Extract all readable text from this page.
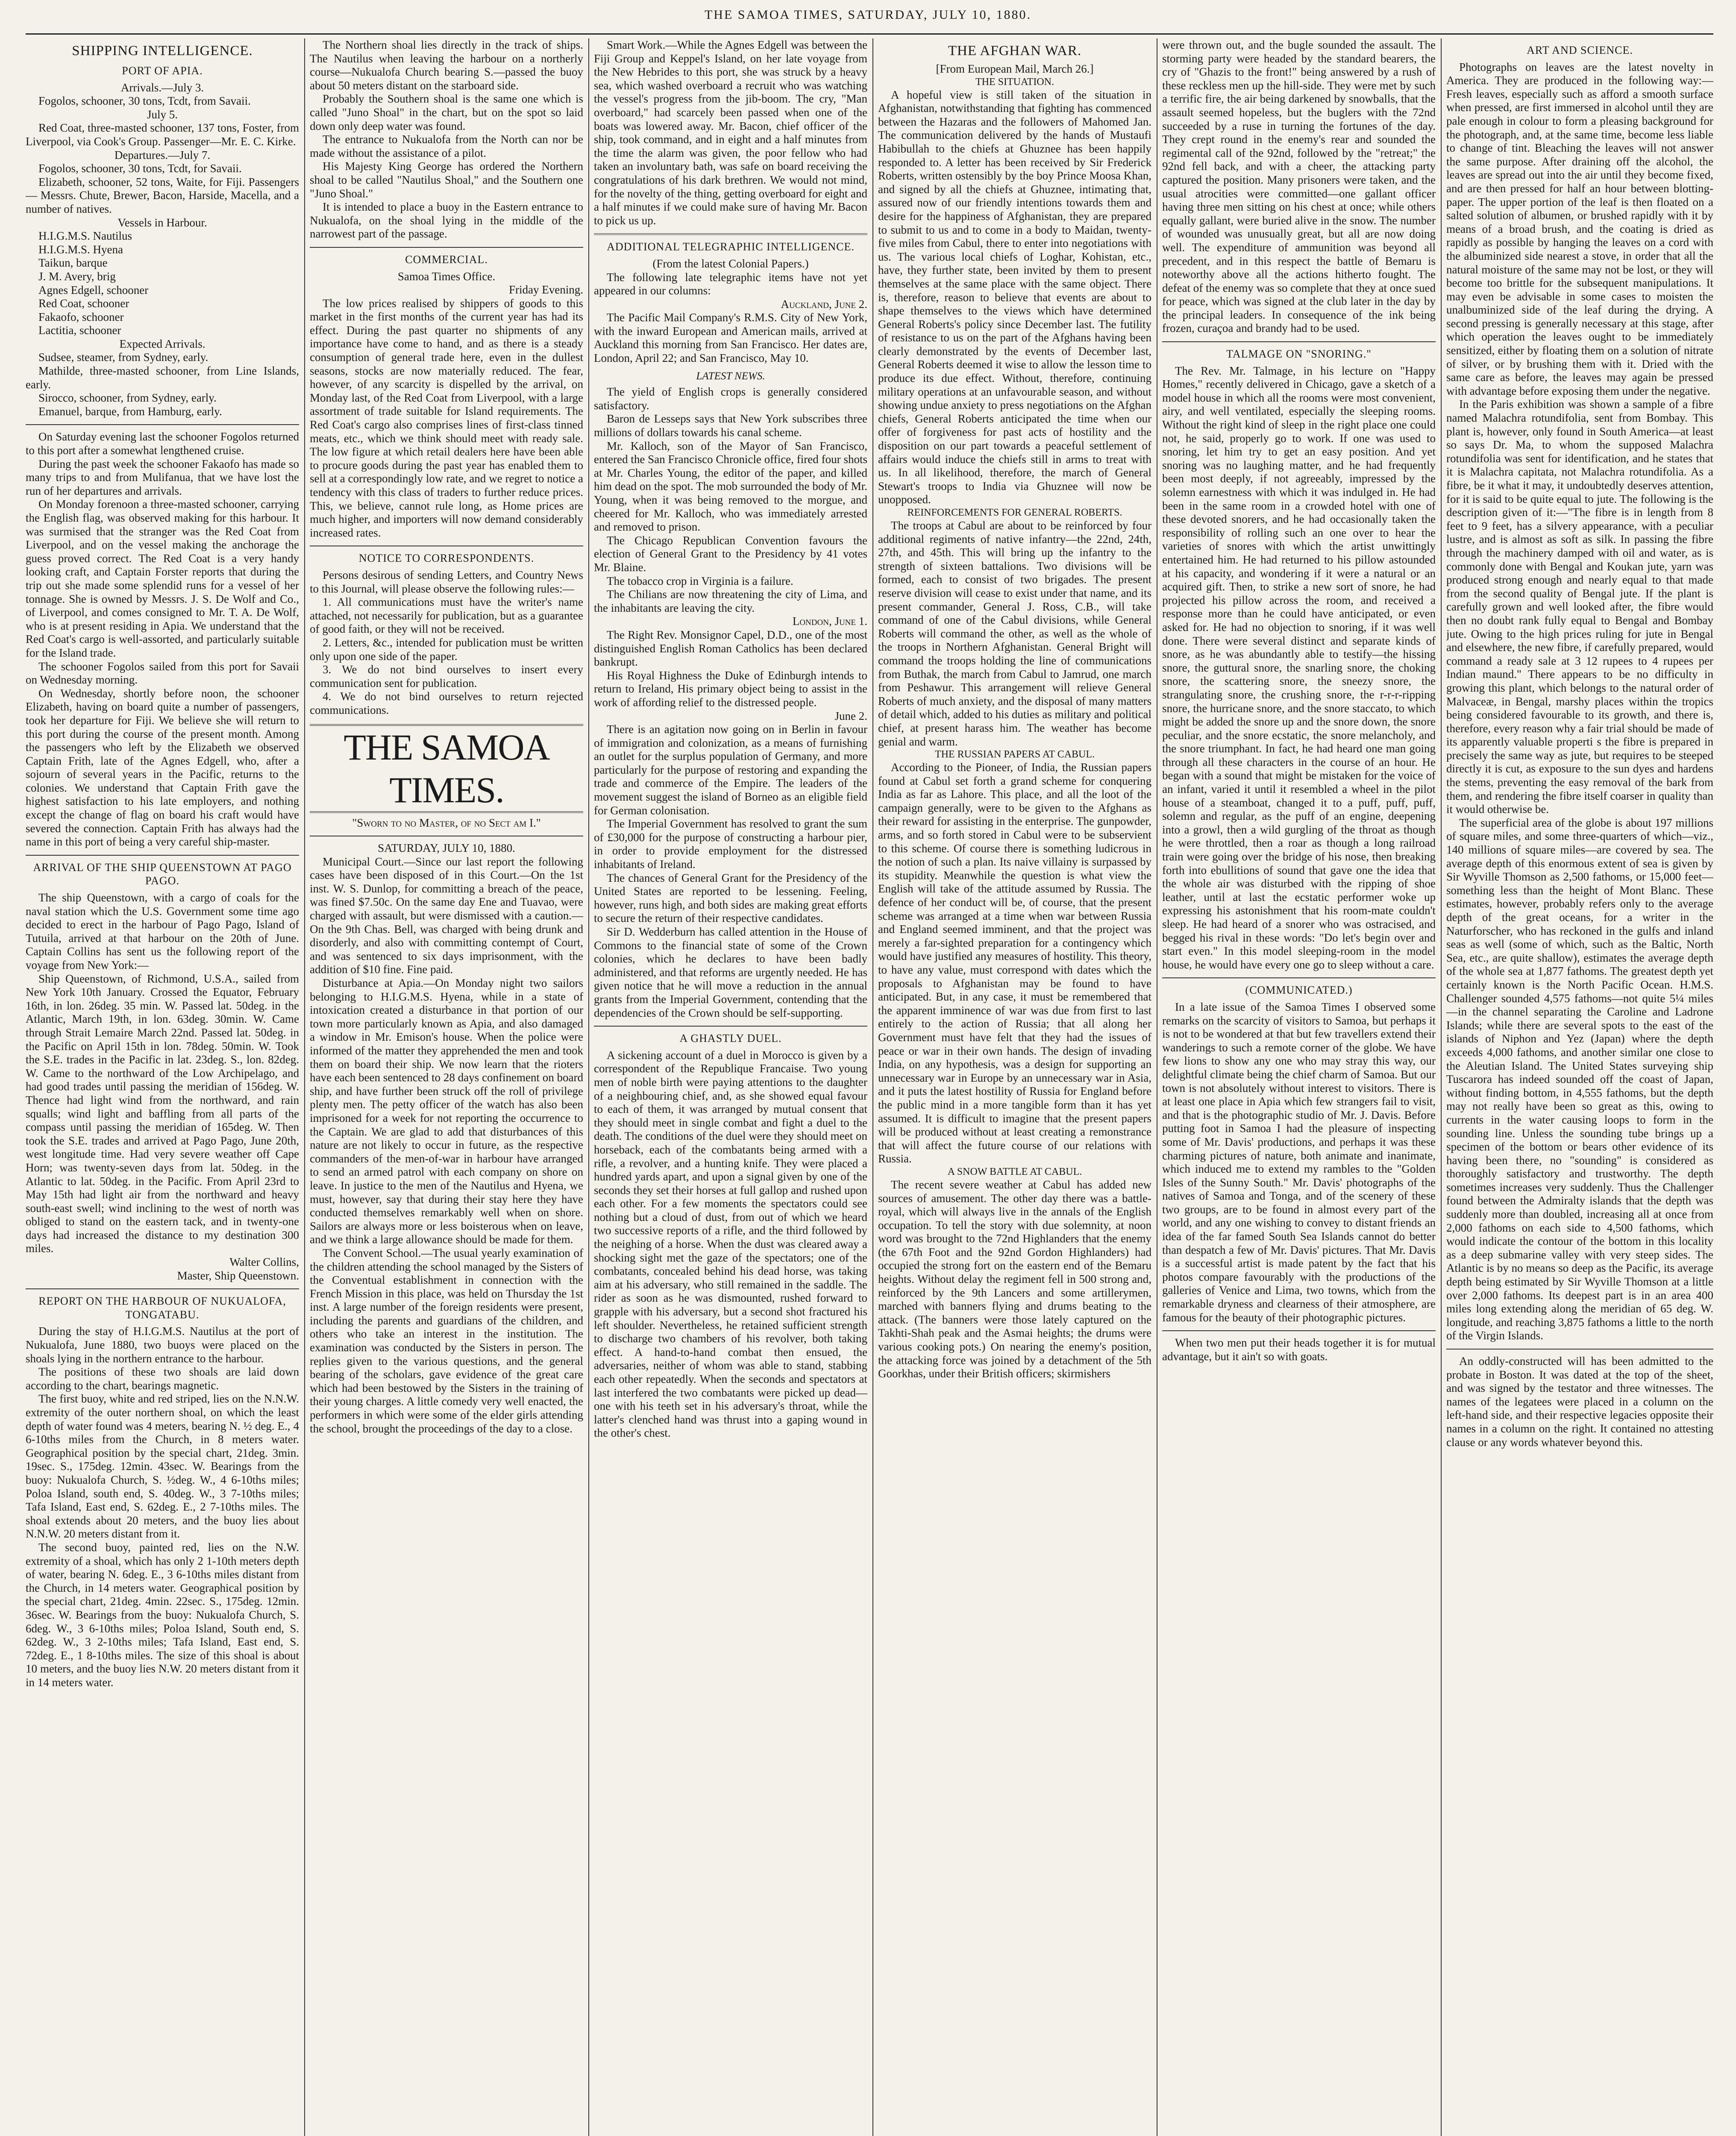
THE SAMOA TIMES, SATURDAY, JULY 10, 1880.
SHIPPING INTELLIGENCE.
PORT OF APIA.

Arrivals.—July 3.

Fogolos, schooner, 30 tons, Tcdt, from Savaii.

July 5.

Red Coat, three-masted schooner, 137 tons, Foster, from Liverpool, via Cook's Group. Passenger—Mr. E. C. Kirke.

Departures.—July 7.

Fogolos, schooner, 30 tons, Tcdt, for Savaii.

Elizabeth, schooner, 52 tons, Waite, for Fiji. Passengers — Messrs. Chute, Brewer, Bacon, Harside, Macella, and a number of natives.

Vessels in Harbour.

H.I.G.M.S. Nautilus

H.I.G.M.S. Hyena

Taikun, barque

J. M. Avery, brig

Agnes Edgell, schooner

Red Coat, schooner

Fakaofo, schooner

Lactitia, schooner

Expected Arrivals.

Sudsee, steamer, from Sydney, early.

Mathilde, three-masted schooner, from Line Islands, early.

Sirocco, schooner, from Sydney, early.

Emanuel, barque, from Hamburg, early.

On Saturday evening last the schooner Fogolos returned to this port after a somewhat lengthened cruise.

During the past week the schooner Fakaofo has made so many trips to and from Mulifanua, that we have lost the run of her departures and arrivals.

On Monday forenoon a three-masted schooner, carrying the English flag, was observed making for this harbour. It was surmised that the stranger was the Red Coat from Liverpool, and on the vessel making the anchorage the guess proved correct. The Red Coat is a very handy looking craft, and Captain Forster reports that during the trip out she made some splendid runs for a vessel of her tonnage. She is owned by Messrs. J. S. De Wolf and Co., of Liverpool, and comes consigned to Mr. T. A. De Wolf, who is at present residing in Apia. We understand that the Red Coat's cargo is well-assorted, and particularly suitable for the Island trade.

The schooner Fogolos sailed from this port for Savaii on Wednesday morning.

On Wednesday, shortly before noon, the schooner Elizabeth, having on board quite a number of passengers, took her departure for Fiji. We believe she will return to this port during the course of the present month. Among the passengers who left by the Elizabeth we observed Captain Frith, late of the Agnes Edgell, who, after a sojourn of several years in the Pacific, returns to the colonies. We understand that Captain Frith gave the highest satisfaction to his late employers, and nothing except the change of flag on board his craft would have severed the connection. Captain Frith has always had the name in this port of being a very careful ship-master.

ARRIVAL OF THE SHIP QUEENSTOWN AT PAGO PAGO.

The ship Queenstown, with a cargo of coals for the naval station which the U.S. Government some time ago decided to erect in the harbour of Pago Pago, Island of Tutuila, arrived at that harbour on the 20th of June. Captain Collins has sent us the following report of the voyage from New York:—

Ship Queenstown, of Richmond, U.S.A., sailed from New York 10th January. Crossed the Equator, February 16th, in lon. 26deg. 35 min. W. Passed lat. 50deg. in the Atlantic, March 19th, in lon. 63deg. 30min. W. Came through Strait Lemaire March 22nd. Passed lat. 50deg. in the Pacific on April 15th in lon. 78deg. 50min. W. Took the S.E. trades in the Pacific in lat. 23deg. S., lon. 82deg. W. Came to the northward of the Low Archipelago, and had good trades until passing the meridian of 156deg. W. Thence had light wind from the northward, and rain squalls; wind light and baffling from all parts of the compass until passing the meridian of 165deg. W. Then took the S.E. trades and arrived at Pago Pago, June 20th, west longitude time. Had very severe weather off Cape Horn; was twenty-seven days from lat. 50deg. in the Atlantic to lat. 50deg. in the Pacific. From April 23rd to May 15th had light air from the northward and heavy south-east swell; wind inclining to the west of north was obliged to stand on the eastern tack, and in twenty-one days had increased the distance to my destination 300 miles.

Walter Collins,

Master, Ship Queenstown.

REPORT ON THE HARBOUR OF NUKUALOFA, TONGATABU.

During the stay of H.I.G.M.S. Nautilus at the port of Nukualofa, June 1880, two buoys were placed on the shoals lying in the northern entrance to the harbour.

The positions of these two shoals are laid down according to the chart, bearings magnetic.

The first buoy, white and red striped, lies on the N.N.W. extremity of the outer northern shoal, on which the least depth of water found was 4 meters, bearing N. ½ deg. E., 4 6-10ths miles from the Church, in 8 meters water. Geographical position by the special chart, 21deg. 3min. 19sec. S., 175deg. 12min. 43sec. W. Bearings from the buoy: Nukualofa Church, S. ½deg. W., 4 6-10ths miles; Poloa Island, south end, S. 40deg. W., 3 7-10ths miles; Tafa Island, East end, S. 62deg. E., 2 7-10ths miles. The shoal extends about 20 meters, and the buoy lies about N.N.W. 20 meters distant from it.

The second buoy, painted red, lies on the N.W. extremity of a shoal, which has only 2 1-10th meters depth of water, bearing N. 6deg. E., 3 6-10ths miles distant from the Church, in 14 meters water. Geographical position by the special chart, 21deg. 4min. 22sec. S., 175deg. 12min. 36sec. W. Bearings from the buoy: Nukualofa Church, S. 6deg. W., 3 6-10ths miles; Poloa Island, South end, S. 62deg. W., 3 2-10ths miles; Tafa Island, East end, S. 72deg. E., 1 8-10ths miles. The size of this shoal is about 10 meters, and the buoy lies N.W. 20 meters distant from it in 14 meters water.

The Northern shoal lies directly in the track of ships. The Nautilus when leaving the harbour on a northerly course—Nukualofa Church bearing S.—passed the buoy about 50 meters distant on the starboard side.

Probably the Southern shoal is the same one which is called "Juno Shoal" in the chart, but on the spot so laid down only deep water was found.

The entrance to Nukualofa from the North can nor be made without the assistance of a pilot.

His Majesty King George has ordered the Northern shoal to be called "Nautilus Shoal," and the Southern one "Juno Shoal."

It is intended to place a buoy in the Eastern entrance to Nukualofa, on the shoal lying in the middle of the narrowest part of the passage.

COMMERCIAL.

Samoa Times Office.

Friday Evening.

The low prices realised by shippers of goods to this market in the first months of the current year has had its effect. During the past quarter no shipments of any importance have come to hand, and as there is a steady consumption of general trade here, even in the dullest seasons, stocks are now materially reduced. The fear, however, of any scarcity is dispelled by the arrival, on Monday last, of the Red Coat from Liverpool, with a large assortment of trade suitable for Island requirements. The Red Coat's cargo also comprises lines of first-class tinned meats, etc., which we think should meet with ready sale. The low figure at which retail dealers here have been able to procure goods during the past year has enabled them to sell at a correspondingly low rate, and we regret to notice a tendency with this class of traders to further reduce prices. This, we believe, cannot rule long, as Home prices are much higher, and importers will now demand considerably increased rates.

NOTICE TO CORRESPONDENTS.

Persons desirous of sending Letters, and Country News to this Journal, will please observe the following rules:—

1. All communications must have the writer's name attached, not necessarily for publication, but as a guarantee of good faith, or they will not be received.

2. Letters, &c., intended for publication must be written only upon one side of the paper.

3. We do not bind ourselves to insert every communication sent for publication.

4. We do not bind ourselves to return rejected communications.

THE SAMOA TIMES.

"Sworn to no Master, of no Sect am I."

SATURDAY, JULY 10, 1880.

Municipal Court.—Since our last report the following cases have been disposed of in this Court.—On the 1st inst. W. S. Dunlop, for committing a breach of the peace, was fined $7.50c. On the same day Ene and Tuavao, were charged with assault, but were dismissed with a caution.—On the 9th Chas. Bell, was charged with being drunk and disorderly, and also with committing contempt of Court, and was sentenced to six days imprisonment, with the addition of $10 fine. Fine paid.

Disturbance at Apia.—On Monday night two sailors belonging to H.I.G.M.S. Hyena, while in a state of intoxication created a disturbance in that portion of our town more particularly known as Apia, and also damaged a window in Mr. Emison's house. When the police were informed of the matter they apprehended the men and took them on board their ship. We now learn that the rioters have each been sentenced to 28 days confinement on board ship, and have further been struck off the roll of privilege plenty men. The petty officer of the watch has also been imprisoned for a week for not reporting the occurrence to the Captain. We are glad to add that disturbances of this nature are not likely to occur in future, as the respective commanders of the men-of-war in harbour have arranged to send an armed patrol with each company on shore on leave. In justice to the men of the Nautilus and Hyena, we must, however, say that during their stay here they have conducted themselves remarkably well when on shore. Sailors are always more or less boisterous when on leave, and we think a large allowance should be made for them.

The Convent School.—The usual yearly examination of the children attending the school managed by the Sisters of the Conventual establishment in connection with the French Mission in this place, was held on Thursday the 1st inst. A large number of the foreign residents were present, including the parents and guardians of the children, and others who take an interest in the institution. The examination was conducted by the Sisters in person. The replies given to the various questions, and the general bearing of the scholars, gave evidence of the great care which had been bestowed by the Sisters in the training of their young charges. A little comedy very well enacted, the performers in which were some of the elder girls attending the school, brought the proceedings of the day to a close.

Smart Work.—While the Agnes Edgell was between the Fiji Group and Keppel's Island, on her late voyage from the New Hebrides to this port, she was struck by a heavy sea, which washed overboard a recruit who was watching the vessel's progress from the jib-boom. The cry, "Man overboard," had scarcely been passed when one of the boats was lowered away. Mr. Bacon, chief officer of the ship, took command, and in eight and a half minutes from the time the alarm was given, the poor fellow who had taken an involuntary bath, was safe on board receiving the congratulations of his dark brethren. We would not mind, for the novelty of the thing, getting overboard for eight and a half minutes if we could make sure of having Mr. Bacon to pick us up.

ADDITIONAL TELEGRAPHIC INTELLIGENCE.

(From the latest Colonial Papers.)

The following late telegraphic items have not yet appeared in our columns:

Auckland, June 2.

The Pacific Mail Company's R.M.S. City of New York, with the inward European and American mails, arrived at Auckland this morning from San Francisco. Her dates are, London, April 22; and San Francisco, May 10.

LATEST NEWS.

The yield of English crops is generally considered satisfactory.

Baron de Lesseps says that New York subscribes three millions of dollars towards his canal scheme.

Mr. Kalloch, son of the Mayor of San Francisco, entered the San Francisco Chronicle office, fired four shots at Mr. Charles Young, the editor of the paper, and killed him dead on the spot. The mob surrounded the body of Mr. Young, when it was being removed to the morgue, and cheered for Mr. Kalloch, who was immediately arrested and removed to prison.

The Chicago Republican Convention favours the election of General Grant to the Presidency by 41 votes Mr. Blaine.

The tobacco crop in Virginia is a failure.

The Chilians are now threatening the city of Lima, and the inhabitants are leaving the city.

London, June 1.

The Right Rev. Monsignor Capel, D.D., one of the most distinguished English Roman Catholics has been declared bankrupt.

His Royal Highness the Duke of Edinburgh intends to return to Ireland, His primary object being to assist in the work of affording relief to the distressed people.

June 2.

There is an agitation now going on in Berlin in favour of immigration and colonization, as a means of furnishing an outlet for the surplus population of Germany, and more particularly for the purpose of restoring and expanding the trade and commerce of the Empire. The leaders of the movement suggest the island of Borneo as an eligible field for German colonisation.

The Imperial Government has resolved to grant the sum of £30,000 for the purpose of constructing a harbour pier, in order to provide employment for the distressed inhabitants of Ireland.

The chances of General Grant for the Presidency of the United States are reported to be lessening. Feeling, however, runs high, and both sides are making great efforts to secure the return of their respective candidates.

Sir D. Wedderburn has called attention in the House of Commons to the financial state of some of the Crown colonies, which he declares to have been badly administered, and that reforms are urgently needed. He has given notice that he will move a reduction in the annual grants from the Imperial Government, contending that the dependencies of the Crown should be self-supporting.

A GHASTLY DUEL.

A sickening account of a duel in Morocco is given by a correspondent of the Republique Francaise. Two young men of noble birth were paying attentions to the daughter of a neighbouring chief, and, as she showed equal favour to each of them, it was arranged by mutual consent that they should meet in single combat and fight a duel to the death. The conditions of the duel were they should meet on horseback, each of the combatants being armed with a rifle, a revolver, and a hunting knife. They were placed a hundred yards apart, and upon a signal given by one of the seconds they set their horses at full gallop and rushed upon each other. For a few moments the spectators could see nothing but a cloud of dust, from out of which we heard two successive reports of a rifle, and the third followed by the neighing of a horse. When the dust was cleared away a shocking sight met the gaze of the spectators; one of the combatants, concealed behind his dead horse, was taking aim at his adversary, who still remained in the saddle. The rider as soon as he was dismounted, rushed forward to grapple with his adversary, but a second shot fractured his left shoulder. Nevertheless, he retained sufficient strength to discharge two chambers of his revolver, both taking effect. A hand-to-hand combat then ensued, the adversaries, neither of whom was able to stand, stabbing each other repeatedly. When the seconds and spectators at last interfered the two combatants were picked up dead—one with his teeth set in his adversary's throat, while the latter's clenched hand was thrust into a gaping wound in the other's chest.

THE AFGHAN WAR.

[From European Mail, March 26.]

THE SITUATION.

A hopeful view is still taken of the situation in Afghanistan, notwithstanding that fighting has commenced between the Hazaras and the followers of Mahomed Jan. The communication delivered by the hands of Mustaufi Habibullah to the chiefs at Ghuznee has been happily responded to. A letter has been received by Sir Frederick Roberts, written ostensibly by the boy Prince Moosa Khan, and signed by all the chiefs at Ghuznee, intimating that, assured now of our friendly intentions towards them and desire for the happiness of Afghanistan, they are prepared to submit to us and to come in a body to Maidan, twenty-five miles from Cabul, there to enter into negotiations with us. The various local chiefs of Loghar, Kohistan, etc., have, they further state, been invited by them to present themselves at the same place with the same object. There is, therefore, reason to believe that events are about to shape themselves to the views which have determined General Roberts's policy since December last. The futility of resistance to us on the part of the Afghans having been clearly demonstrated by the events of December last, General Roberts deemed it wise to allow the lesson time to produce its due effect. Without, therefore, continuing military operations at an unfavourable season, and without showing undue anxiety to press negotiations on the Afghan chiefs, General Roberts anticipated the time when our offer of forgiveness for past acts of hostility and the disposition on our part towards a peaceful settlement of affairs would induce the chiefs still in arms to treat with us. In all likelihood, therefore, the march of General Stewart's troops to India via Ghuznee will now be unopposed.

REINFORCEMENTS FOR GENERAL ROBERTS.

The troops at Cabul are about to be reinforced by four additional regiments of native infantry—the 22nd, 24th, 27th, and 45th. This will bring up the infantry to the strength of sixteen battalions. Two divisions will be formed, each to consist of two brigades. The present reserve division will cease to exist under that name, and its present commander, General J. Ross, C.B., will take command of one of the Cabul divisions, while General Roberts will command the other, as well as the whole of the troops in Northern Afghanistan. General Bright will command the troops holding the line of communications from Buthak, the march from Cabul to Jamrud, one march from Peshawur. This arrangement will relieve General Roberts of much anxiety, and the disposal of many matters of detail which, added to his duties as military and political chief, at present harass him. The weather has become genial and warm.

THE RUSSIAN PAPERS AT CABUL.

According to the Pioneer, of India, the Russian papers found at Cabul set forth a grand scheme for conquering India as far as Lahore. This place, and all the loot of the campaign generally, were to be given to the Afghans as their reward for assisting in the enterprise. The gunpowder, arms, and so forth stored in Cabul were to be subservient to this scheme. Of course there is something ludicrous in the notion of such a plan. Its naive villainy is surpassed by its stupidity. Meanwhile the question is what view the English will take of the attitude assumed by Russia. The defence of her conduct will be, of course, that the present scheme was arranged at a time when war between Russia and England seemed imminent, and that the project was merely a far-sighted preparation for a contingency which would have justified any measures of hostility. This theory, to have any value, must correspond with dates which the proposals to Afghanistan may be found to have anticipated. But, in any case, it must be remembered that the apparent imminence of war was due from first to last entirely to the action of Russia; that all along her Government must have felt that they had the issues of peace or war in their own hands. The design of invading India, on any hypothesis, was a design for supporting an unnecessary war in Europe by an unnecessary war in Asia, and it puts the latest hostility of Russia for England before the public mind in a more tangible form than it has yet assumed. It is difficult to imagine that the present papers will be produced without at least creating a remonstrance that will affect the future course of our relations with Russia.

A SNOW BATTLE AT CABUL.

The recent severe weather at Cabul has added new sources of amusement. The other day there was a battle-royal, which will always live in the annals of the English occupation. To tell the story with due solemnity, at noon word was brought to the 72nd Highlanders that the enemy (the 67th Foot and the 92nd Gordon Highlanders) had occupied the strong fort on the eastern end of the Bemaru heights. Without delay the regiment fell in 500 strong and, reinforced by the 9th Lancers and some artillerymen, marched with banners flying and drums beating to the attack. (The banners were those lately captured on the Takhti-Shah peak and the Asmai heights; the drums were various cooking pots.) On nearing the enemy's position, the attacking force was joined by a detachment of the 5th Goorkhas, under their British officers; skirmishers

were thrown out, and the bugle sounded the assault. The storming party were headed by the standard bearers, the cry of "Ghazis to the front!" being answered by a rush of these reckless men up the hill-side. They were met by such a terrific fire, the air being darkened by snowballs, that the assault seemed hopeless, but the buglers with the 72nd succeeded by a ruse in turning the fortunes of the day. They crept round in the enemy's rear and sounded the regimental call of the 92nd, followed by the "retreat;" the 92nd fell back, and with a cheer, the attacking party captured the position. Many prisoners were taken, and the usual atrocities were committed—one gallant officer having three men sitting on his chest at once; while others equally gallant, were buried alive in the snow. The number of wounded was unusually great, but all are now doing well. The expenditure of ammunition was beyond all precedent, and in this respect the battle of Bemaru is noteworthy above all the actions hitherto fought. The defeat of the enemy was so complete that they at once sued for peace, which was signed at the club later in the day by the principal leaders. In consequence of the ink being frozen, curaçoa and brandy had to be used.

TALMAGE ON "SNORING."

The Rev. Mr. Talmage, in his lecture on "Happy Homes," recently delivered in Chicago, gave a sketch of a model house in which all the rooms were most convenient, airy, and well ventilated, especially the sleeping rooms. Without the right kind of sleep in the right place one could not, he said, properly go to work. If one was used to snoring, let him try to get an easy position. And yet snoring was no laughing matter, and he had frequently been most deeply, if not agreeably, impressed by the solemn earnestness with which it was indulged in. He had been in the same room in a crowded hotel with one of these devoted snorers, and he had occasionally taken the responsibility of rolling such an one over to hear the varieties of snores with which the artist unwittingly entertained him. He had returned to his pillow astounded at his capacity, and wondering if it were a natural or an acquired gift. Then, to strike a new sort of snore, he had projected his pillow across the room, and received a response more than he could have anticipated, or even asked for. He had no objection to snoring, if it was well done. There were several distinct and separate kinds of snore, as he was abundantly able to testify—the hissing snore, the guttural snore, the snarling snore, the choking snore, the scattering snore, the sneezy snore, the strangulating snore, the crushing snore, the r-r-r-ripping snore, the hurricane snore, and the snore staccato, to which might be added the snore up and the snore down, the snore peculiar, and the snore ecstatic, the snore melancholy, and the snore triumphant. In fact, he had heard one man going through all these characters in the course of an hour. He began with a sound that might be mistaken for the voice of an infant, varied it until it resembled a wheel in the pilot house of a steamboat, changed it to a puff, puff, puff, solemn and regular, as the puff of an engine, deepening into a growl, then a wild gurgling of the throat as though he were throttled, then a roar as though a long railroad train were going over the bridge of his nose, then breaking forth into ebullitions of sound that gave one the idea that the whole air was disturbed with the ripping of shoe leather, until at last the ecstatic performer woke up expressing his astonishment that his room-mate couldn't sleep. He had heard of a snorer who was ostracised, and begged his rival in these words: "Do let's begin over and start even." In this model sleeping-room in the model house, he would have every one go to sleep without a care.

(COMMUNICATED.)

In a late issue of the Samoa Times I observed some remarks on the scarcity of visitors to Samoa, but perhaps it is not to be wondered at that but few travellers extend their wanderings to such a remote corner of the globe. We have few lions to show any one who may stray this way, our delightful climate being the chief charm of Samoa. But our town is not absolutely without interest to visitors. There is at least one place in Apia which few strangers fail to visit, and that is the photographic studio of Mr. J. Davis. Before putting foot in Samoa I had the pleasure of inspecting some of Mr. Davis' productions, and perhaps it was these charming pictures of nature, both animate and inanimate, which induced me to extend my rambles to the "Golden Isles of the Sunny South." Mr. Davis' photographs of the natives of Samoa and Tonga, and of the scenery of these two groups, are to be found in almost every part of the world, and any one wishing to convey to distant friends an idea of the far famed South Sea Islands cannot do better than despatch a few of Mr. Davis' pictures. That Mr. Davis is a successful artist is made patent by the fact that his photos compare favourably with the productions of the galleries of Venice and Lima, two towns, which from the remarkable dryness and clearness of their atmosphere, are famous for the beauty of their photographic pictures.

When two men put their heads together it is for mutual advantage, but it ain't so with goats.

ART AND SCIENCE.

Photographs on leaves are the latest novelty in America. They are produced in the following way:—Fresh leaves, especially such as afford a smooth surface when pressed, are first immersed in alcohol until they are pale enough in colour to form a pleasing background for the photograph, and, at the same time, become less liable to change of tint. Bleaching the leaves will not answer the same purpose. After draining off the alcohol, the leaves are spread out into the air until they become fixed, and are then pressed for half an hour between blotting-paper. The upper portion of the leaf is then floated on a salted solution of albumen, or brushed rapidly with it by means of a broad brush, and the coating is dried as rapidly as possible by hanging the leaves on a cord with the albuminized side nearest a stove, in order that all the natural moisture of the same may not be lost, or they will become too brittle for the subsequent manipulations. It may even be advisable in some cases to moisten the unalbuminized side of the leaf during the drying. A second pressing is generally necessary at this stage, after which operation the leaves ought to be immediately sensitized, either by floating them on a solution of nitrate of silver, or by brushing them with it. Dried with the same care as before, the leaves may again be pressed with advantage before exposing them under the negative.

In the Paris exhibition was shown a sample of a fibre named Malachra rotundifolia, sent from Bombay. This plant is, however, only found in South America—at least so says Dr. Ma, to whom the supposed Malachra rotundifolia was sent for identification, and he states that it is Malachra capitata, not Malachra rotundifolia. As a fibre, be it what it may, it undoubtedly deserves attention, for it is said to be quite equal to jute. The following is the description given of it:—"The fibre is in length from 8 feet to 9 feet, has a silvery appearance, with a peculiar lustre, and is almost as soft as silk. In passing the fibre through the machinery damped with oil and water, as is commonly done with Bengal and Koukan jute, yarn was produced strong enough and nearly equal to that made from the second quality of Bengal jute. If the plant is carefully grown and well looked after, the fibre would then no doubt rank fully equal to Bengal and Bombay jute. Owing to the high prices ruling for jute in Bengal and elsewhere, the new fibre, if carefully prepared, would command a ready sale at 3 12 rupees to 4 rupees per Indian maund." There appears to be no difficulty in growing this plant, which belongs to the natural order of Malvaceæ, in Bengal, marshy places within the tropics being considered favourable to its growth, and there is, therefore, every reason why a fair trial should be made of its apparently valuable properti s the fibre is prepared in precisely the same way as jute, but requires to be steeped directly it is cut, as exposure to the sun dyes and hardens the stems, preventing the easy removal of the bark from them, and rendering the fibre itself coarser in quality than it would otherwise be.

The superficial area of the globe is about 197 millions of square miles, and some three-quarters of which—viz., 140 millions of square miles—are covered by sea. The average depth of this enormous extent of sea is given by Sir Wyville Thomson as 2,500 fathoms, or 15,000 feet—something less than the height of Mont Blanc. These estimates, however, probably refers only to the average depth of the great oceans, for a writer in the Naturforscher, who has reckoned in the gulfs and inland seas as well (some of which, such as the Baltic, North Sea, etc., are quite shallow), estimates the average depth of the whole sea at 1,877 fathoms. The greatest depth yet certainly known is the North Pacific Ocean. H.M.S. Challenger sounded 4,575 fathoms—not quite 5¼ miles—in the channel separating the Caroline and Ladrone Islands; while there are several spots to the east of the islands of Niphon and Yez (Japan) where the depth exceeds 4,000 fathoms, and another similar one close to the Aleutian Island. The United States surveying ship Tuscarora has indeed sounded off the coast of Japan, without finding bottom, in 4,555 fathoms, but the depth may not really have been so great as this, owing to currents in the water causing loops to form in the sounding line. Unless the sounding tube brings up a specimen of the bottom or bears other evidence of its having been there, no "sounding" is considered as thoroughly satisfactory and trustworthy. The depth sometimes increases very suddenly. Thus the Challenger found between the Admiralty islands that the depth was suddenly more than doubled, increasing all at once from 2,000 fathoms on each side to 4,500 fathoms, which would indicate the contour of the bottom in this locality as a deep submarine valley with very steep sides. The Atlantic is by no means so deep as the Pacific, its average depth being estimated by Sir Wyville Thomson at a little over 2,000 fathoms. Its deepest part is in an area 400 miles long extending along the meridian of 65 deg. W. longitude, and reaching 3,875 fathoms a little to the north of the Virgin Islands.

An oddly-constructed will has been admitted to the probate in Boston. It was dated at the top of the sheet, and was signed by the testator and three witnesses. The names of the legatees were placed in a column on the left-hand side, and their respective legacies opposite their names in a column on the right. It contained no attesting clause or any words whatever beyond this.
